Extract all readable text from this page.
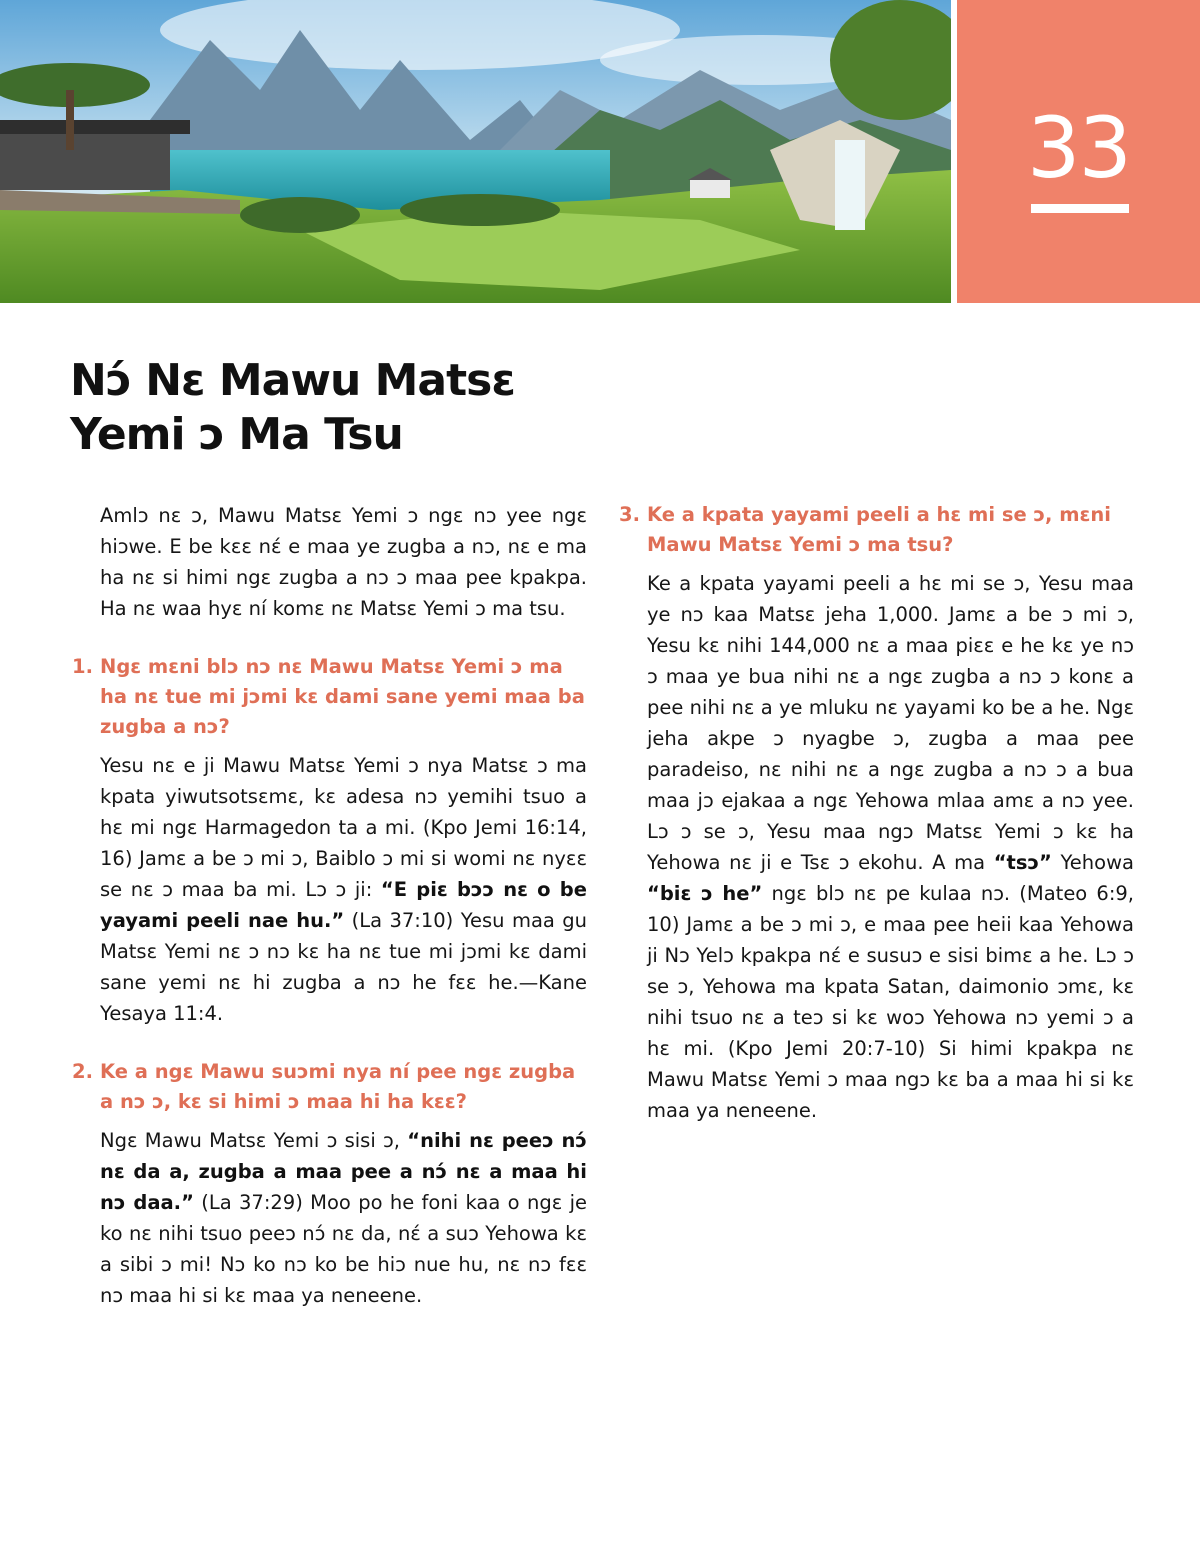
33
Nɔ́ Nɛ Mawu Matsɛ
Yemi ɔ Ma Tsu

Amlɔ nɛ ɔ, Mawu Matsɛ Yemi ɔ ngɛ nɔ yee ngɛ hiɔwe. E be kɛɛ nɛ́ e maa ye zugba a nɔ, nɛ e ma ha nɛ si himi ngɛ zugba a nɔ ɔ maa pee kpakpa. Ha nɛ waa hyɛ ní komɛ nɛ Matsɛ Yemi ɔ ma tsu.

1. Ngɛ mɛni blɔ nɔ nɛ Mawu Matsɛ Yemi ɔ ma ha nɛ tue mi jɔmi kɛ dami sane yemi maa ba zugba a nɔ?

Yesu nɛ e ji Mawu Matsɛ Yemi ɔ nya Matsɛ ɔ ma kpata yiwutsotsɛmɛ, kɛ adesa nɔ yemihi tsuo a hɛ mi ngɛ Harmagedon ta a mi. (Kpo Jemi 16:14, 16) Jamɛ a be ɔ mi ɔ, Baiblo ɔ mi si womi nɛ nyɛɛ se nɛ ɔ maa ba mi. Lɔ ɔ ji: “E piɛ bɔɔ nɛ o be yayami peeli nae hu.” (La 37:10) Yesu maa gu Matsɛ Yemi nɛ ɔ nɔ kɛ ha nɛ tue mi jɔmi kɛ dami sane yemi nɛ hi zugba a nɔ he fɛɛ he.—Kane Yesaya 11:4.

2. Ke a ngɛ Mawu suɔmi nya ní pee ngɛ zugba a nɔ ɔ, kɛ si himi ɔ maa hi ha kɛɛ?

Ngɛ Mawu Matsɛ Yemi ɔ sisi ɔ, “nihi nɛ peeɔ nɔ́ nɛ da a, zugba a maa pee a nɔ́ nɛ a maa hi nɔ daa.” (La 37:29) Moo po he foni kaa o ngɛ je ko nɛ nihi tsuo peeɔ nɔ́ nɛ da, nɛ́ a suɔ Yehowa kɛ a sibi ɔ mi! Nɔ ko nɔ ko be hiɔ nue hu, nɛ nɔ fɛɛ nɔ maa hi si kɛ maa ya neneene.

3. Ke a kpata yayami peeli a hɛ mi se ɔ, mɛni Mawu Matsɛ Yemi ɔ ma tsu?

Ke a kpata yayami peeli a hɛ mi se ɔ, Yesu maa ye nɔ kaa Matsɛ jeha 1,000. Jamɛ a be ɔ mi ɔ, Yesu kɛ nihi 144,000 nɛ a maa piɛɛ e he kɛ ye nɔ ɔ maa ye bua nihi nɛ a ngɛ zugba a nɔ ɔ konɛ a pee nihi nɛ a ye mluku nɛ yayami ko be a he. Ngɛ jeha akpe ɔ nyagbe ɔ, zugba a maa pee paradeiso, nɛ nihi nɛ a ngɛ zugba a nɔ ɔ a bua maa jɔ ejakaa a ngɛ Yehowa mlaa amɛ a nɔ yee. Lɔ ɔ se ɔ, Yesu maa ngɔ Matsɛ Yemi ɔ kɛ ha Yehowa nɛ ji e Tsɛ ɔ ekohu. A ma “tsɔ” Yehowa “biɛ ɔ he” ngɛ blɔ nɛ pe kulaa nɔ. (Mateo 6:9, 10) Jamɛ a be ɔ mi ɔ, e maa pee heii kaa Yehowa ji Nɔ Yelɔ kpakpa nɛ́ e susuɔ e sisi bimɛ a he. Lɔ ɔ se ɔ, Yehowa ma kpata Satan, daimonio ɔmɛ, kɛ nihi tsuo nɛ a teɔ si kɛ woɔ Yehowa nɔ yemi ɔ a hɛ mi. (Kpo Jemi 20:7-10) Si himi kpakpa nɛ Mawu Matsɛ Yemi ɔ maa ngɔ kɛ ba a maa hi si kɛ maa ya neneene.
